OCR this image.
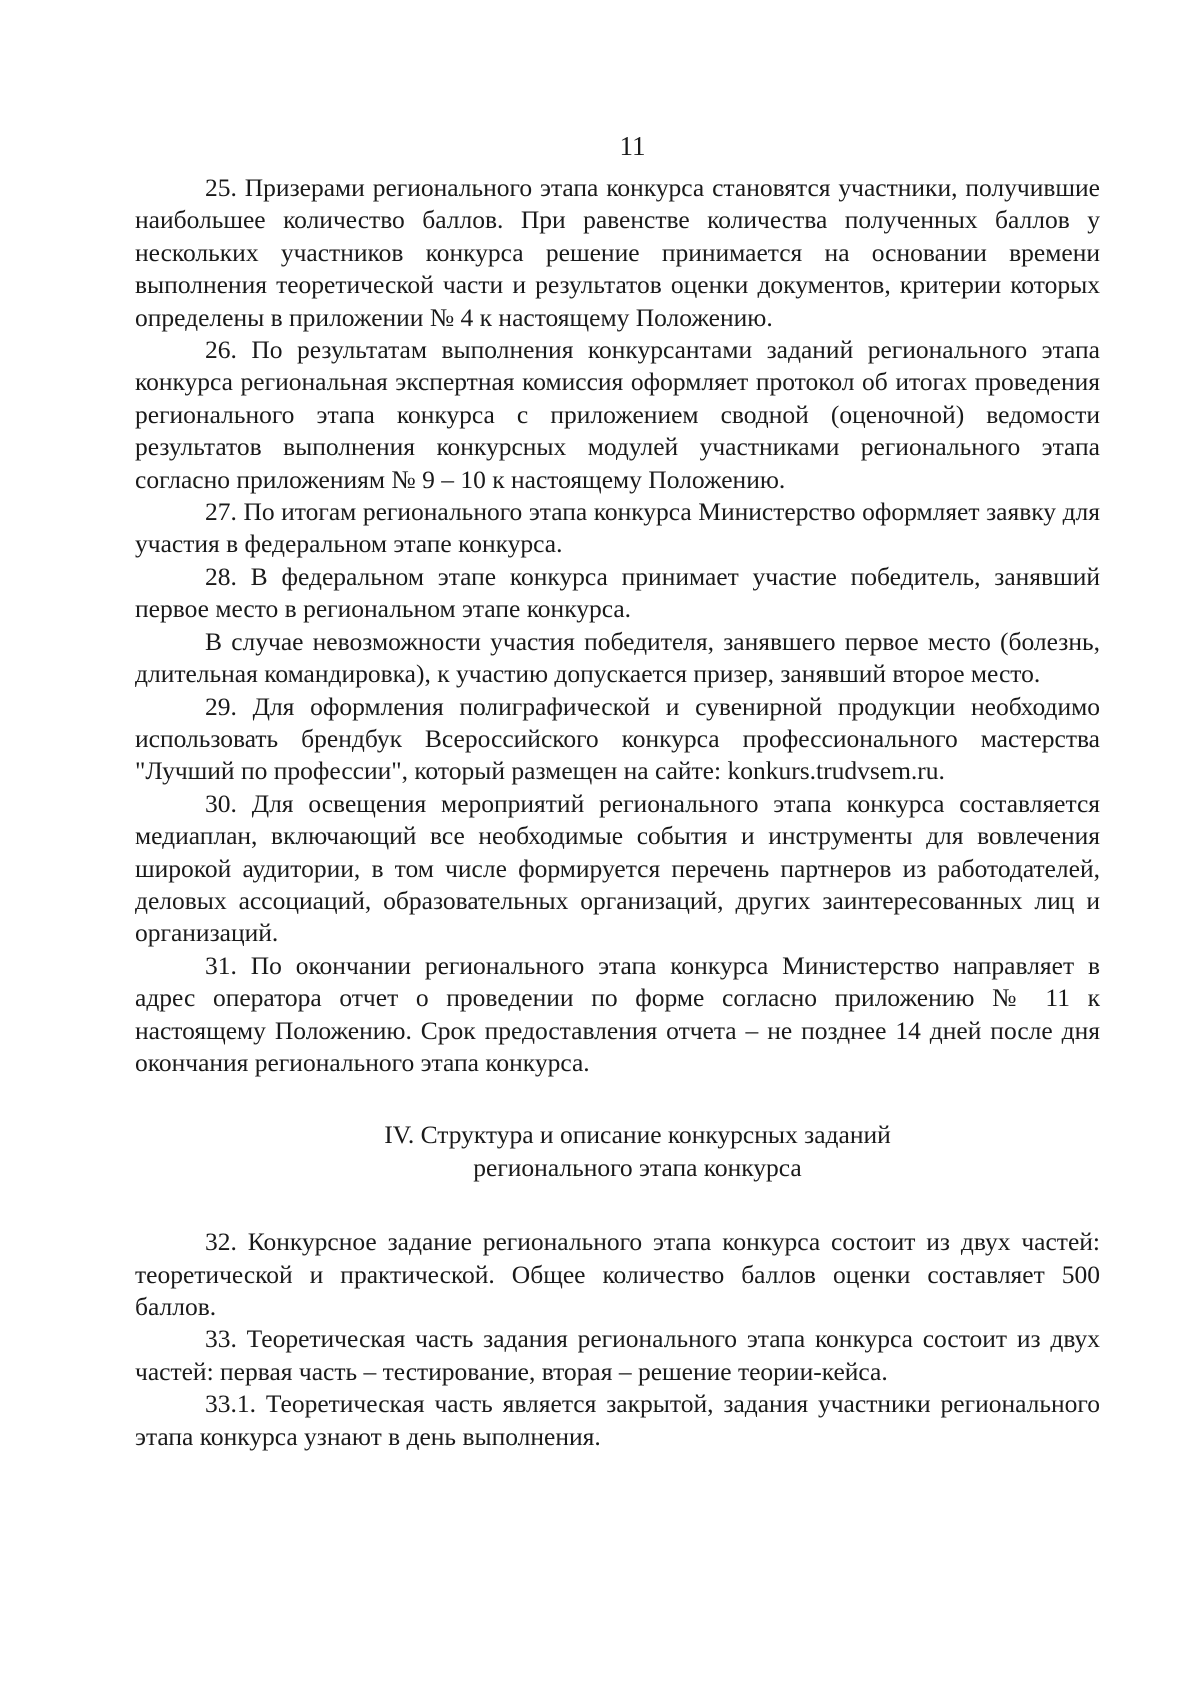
11

25. Призерами регионального этапа конкурса становятся участники, получившие наибольшее количество баллов. При равенстве количества полученных баллов у нескольких участников конкурса решение принимается на основании времени выполнения теоретической части и результатов оценки документов, критерии которых определены в приложении № 4 к настоящему Положению.

26. По результатам выполнения конкурсантами заданий регионального этапа конкурса региональная экспертная комиссия оформляет протокол об итогах проведения регионального этапа конкурса с приложением сводной (оценочной) ведомости результатов выполнения конкурсных модулей участниками регионального этапа согласно приложениям № 9 – 10 к настоящему Положению.

27. По итогам регионального этапа конкурса Министерство оформляет заявку для участия в федеральном этапе конкурса.

28. В федеральном этапе конкурса принимает участие победитель, занявший первое место в региональном этапе конкурса.

В случае невозможности участия победителя, занявшего первое место (болезнь, длительная командировка), к участию допускается призер, занявший второе место.

29. Для оформления полиграфической и сувенирной продукции необходимо использовать брендбук Всероссийского конкурса профессионального мастерства "Лучший по профессии", который размещен на сайте: konkurs.trudvsem.ru.

30. Для освещения мероприятий регионального этапа конкурса составляется медиаплан, включающий все необходимые события и инструменты для вовлечения широкой аудитории, в том числе формируется перечень партнеров из работодателей, деловых ассоциаций, образовательных организаций, других заинтересованных лиц и организаций.

31. По окончании регионального этапа конкурса Министерство направляет в адрес оператора отчет о проведении по форме согласно приложению № 11 к настоящему Положению. Срок предоставления отчета – не позднее 14 дней после дня окончания регионального этапа конкурса.

IV. Структура и описание конкурсных заданий
регионального этапа конкурса

32. Конкурсное задание регионального этапа конкурса состоит из двух частей: теоретической и практической. Общее количество баллов оценки составляет 500 баллов.

33. Теоретическая часть задания регионального этапа конкурса состоит из двух частей: первая часть – тестирование, вторая – решение теории-кейса.

33.1. Теоретическая часть является закрытой, задания участники регионального этапа конкурса узнают в день выполнения.
